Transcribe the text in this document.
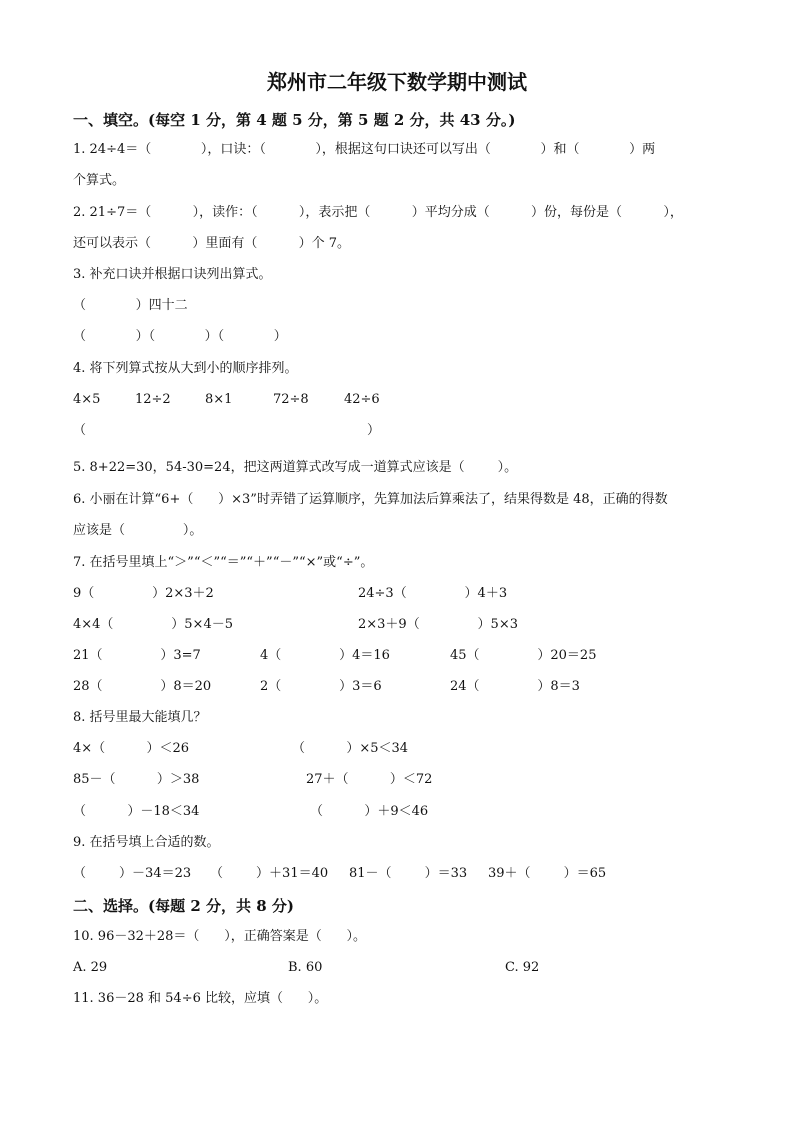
郑州市二年级下数学期中测试
一、填空。(每空 1 分，第 4 题 5 分，第 5 题 2 分，共 43 分。)
1. 24÷4＝（            ），口诀：（            ），根据这句口诀还可以写出（            ）和（            ）两
个算式。
2. 21÷7＝（          ），读作：（          ），表示把（          ）平均分成（          ）份，每份是（          ），
还可以表示（          ）里面有（          ）个 7。
3. 补充口诀并根据口诀列出算式。
（            ）四十二
（            ）（            ）（            ）
4. 将下列算式按从大到小的顺序排列。
4×5	12÷2	8×1	72÷8	42÷6
（                                                                    ）
5. 8+22=30，54-30=24，把这两道算式改写成一道算式应该是（        ）。
6. 小丽在计算“6+（      ）×3”时弄错了运算顺序，先算加法后算乘法了，结果得数是 48，正确的得数
应该是（              ）。
7. 在括号里填上“＞”“＜”“＝”“＋”“－”“×”或“÷”。
9（              ）2×3＋2	24÷3（              ）4＋3
4×4（              ）5×4－5	2×3＋9（              ）5×3
21（              ）3=7	4（              ）4＝16	45（              ）20＝25
28（              ）8＝20	2（              ）3＝6	24（              ）8＝3
8. 括号里最大能填几？
4×（          ）＜26	（          ）×5＜34
85－（          ）＞38	27＋（          ）＜72
（          ）－18＜34	（          ）＋9＜46
9. 在括号填上合适的数。
（        ）－34＝23 （        ）＋31＝40 81－（        ）＝33 39＋（        ）＝65
二、选择。(每题 2 分，共 8 分)
10. 96－32＋28＝（      ），正确答案是（      ）。
A. 29	B. 60	C. 92
11. 36－28 和 54÷6 比较，应填（      ）。
